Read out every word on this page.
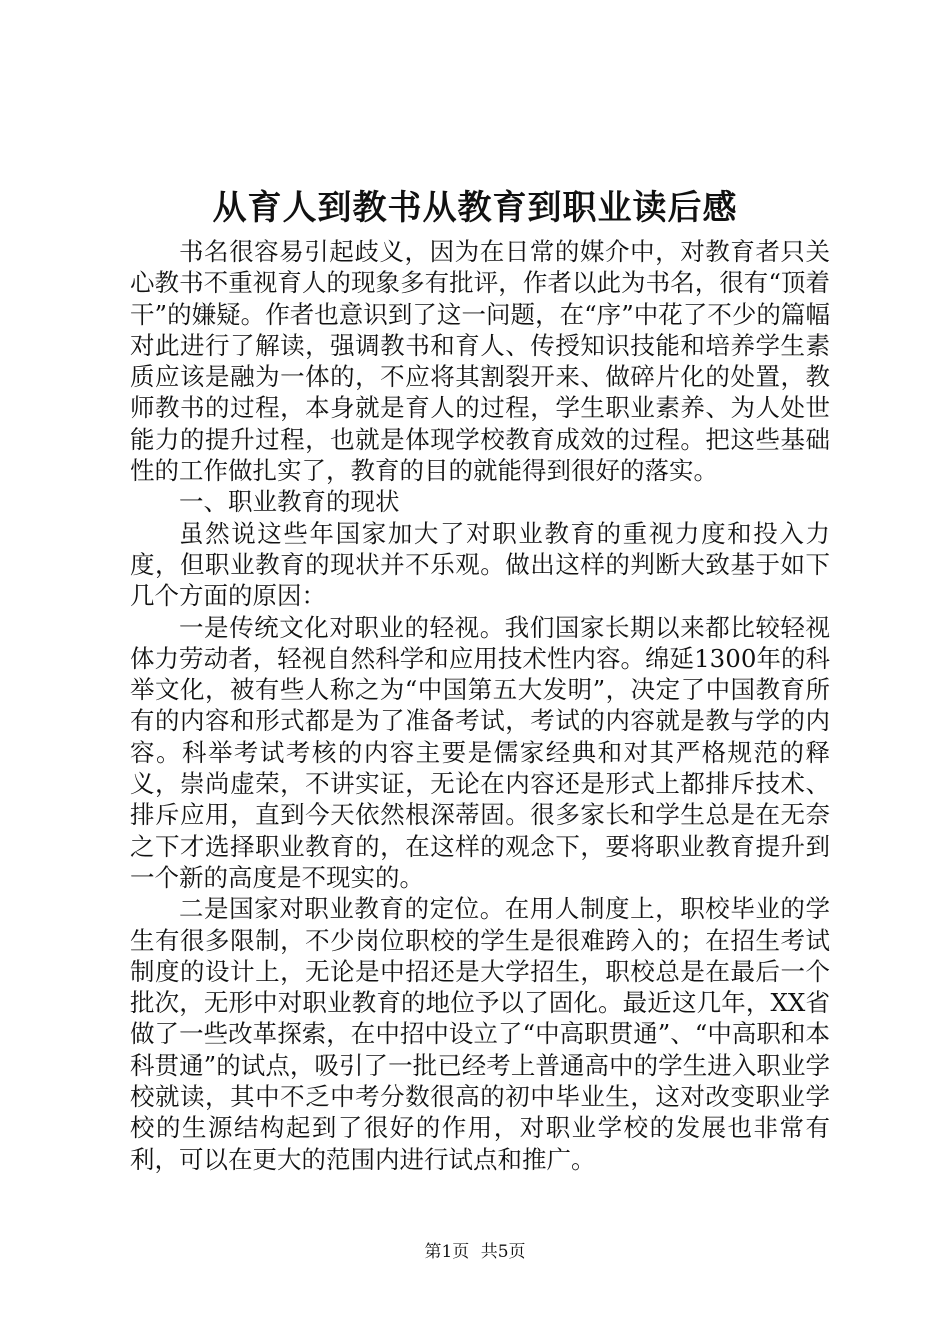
从育人到教书从教育到职业读后感

书名很容易引起歧义，因为在日常的媒介中，对教育者只关心教书不重视育人的现象多有批评，作者以此为书名，很有“顶着干”的嫌疑。作者也意识到了这一问题，在“序”中花了不少的篇幅对此进行了解读，强调教书和育人、传授知识技能和培养学生素质应该是融为一体的，不应将其割裂开来、做碎片化的处置，教师教书的过程，本身就是育人的过程，学生职业素养、为人处世能力的提升过程，也就是体现学校教育成效的过程。把这些基础性的工作做扎实了，教育的目的就能得到很好的落实。

一、职业教育的现状

虽然说这些年国家加大了对职业教育的重视力度和投入力度，但职业教育的现状并不乐观。做出这样的判断大致基于如下几个方面的原因：

一是传统文化对职业的轻视。我们国家长期以来都比较轻视体力劳动者，轻视自然科学和应用技术性内容。绵延1300年的科举文化，被有些人称之为“中国第五大发明”，决定了中国教育所有的内容和形式都是为了准备考试，考试的内容就是教与学的内容。科举考试考核的内容主要是儒家经典和对其严格规范的释义，崇尚虚荣，不讲实证，无论在内容还是形式上都排斥技术、排斥应用，直到今天依然根深蒂固。很多家长和学生总是在无奈之下才选择职业教育的，在这样的观念下，要将职业教育提升到一个新的高度是不现实的。

二是国家对职业教育的定位。在用人制度上，职校毕业的学生有很多限制，不少岗位职校的学生是很难跨入的；在招生考试制度的设计上，无论是中招还是大学招生，职校总是在最后一个批次，无形中对职业教育的地位予以了固化。最近这几年，XX省做了一些改革探索，在中招中设立了“中高职贯通”、“中高职和本科贯通”的试点，吸引了一批已经考上普通高中的学生进入职业学校就读，其中不乏中考分数很高的初中毕业生，这对改变职业学校的生源结构起到了很好的作用，对职业学校的发展也非常有利，可以在更大的范围内进行试点和推广。

第1页 共5页
